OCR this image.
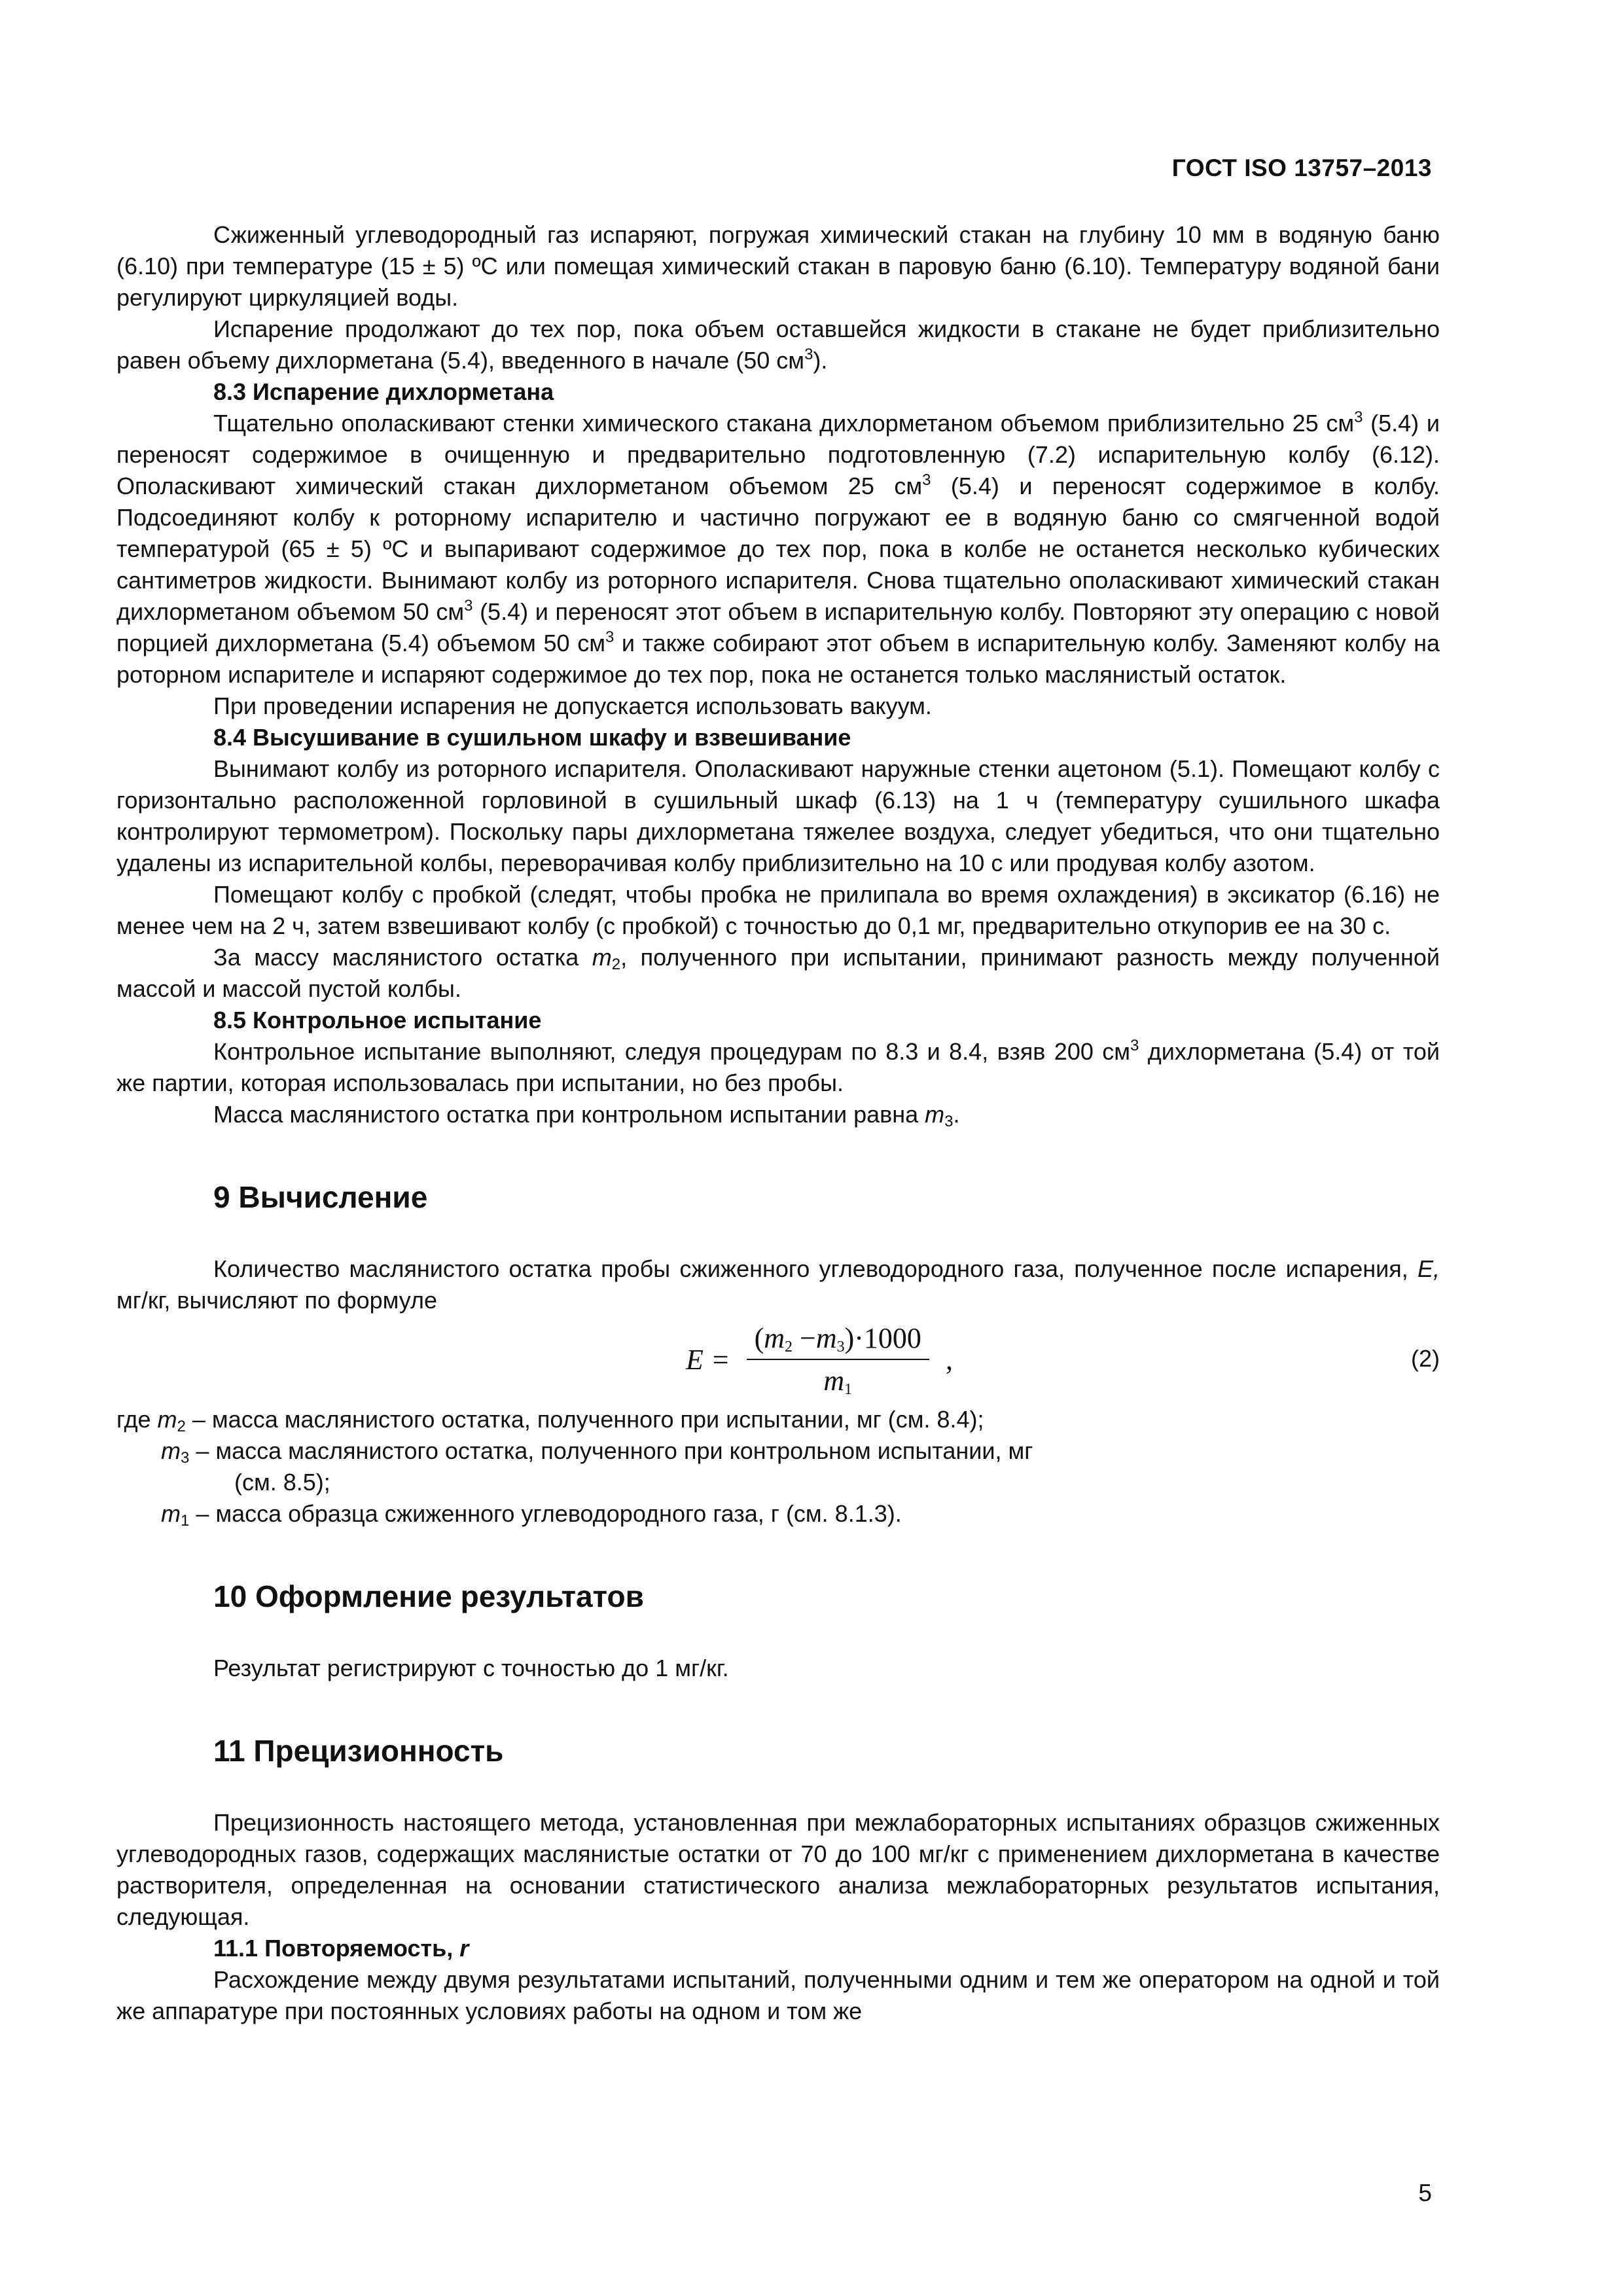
ГОСТ ISO 13757–2013

Сжиженный углеводородный газ испаряют, погружая химический стакан на глубину 10 мм в водяную баню (6.10) при температуре (15 ± 5) ºС или помещая химический стакан в паровую баню (6.10). Температуру водяной бани регулируют циркуляцией воды.

Испарение продолжают до тех пор, пока объем оставшейся жидкости в стакане не будет приблизительно равен объему дихлорметана (5.4), введенного в начале (50 $см^3$).

8.3 Испарение дихлорметана

Тщательно ополаскивают стенки химического стакана дихлорметаном объемом приблизительно 25 $см^3$ (5.4) и переносят содержимое в очищенную и предварительно подготовленную (7.2) испарительную колбу (6.12). Ополаскивают химический стакан дихлорметаном объемом 25 $см^3$ (5.4) и переносят содержимое в колбу. Подсоединяют колбу к роторному испарителю и частично погружают ее в водяную баню со смягченной водой температурой (65 ± 5) ºС и выпаривают содержимое до тех пор, пока в колбе не останется несколько кубических сантиметров жидкости. Вынимают колбу из роторного испарителя. Снова тщательно ополаскивают химический стакан дихлорметаном объемом 50 $см^3$ (5.4) и переносят этот объем в испарительную колбу. Повторяют эту операцию с новой порцией дихлорметана (5.4) объемом 50 $см^3$ и также собирают этот объем в испарительную колбу. Заменяют колбу на роторном испарителе и испаряют содержимое до тех пор, пока не останется только маслянистый остаток.

При проведении испарения не допускается использовать вакуум.

8.4 Высушивание в сушильном шкафу и взвешивание

Вынимают колбу из роторного испарителя. Ополаскивают наружные стенки ацетоном (5.1). Помещают колбу с горизонтально расположенной горловиной в сушильный шкаф (6.13) на 1 ч (температуру сушильного шкафа контролируют термометром). Поскольку пары дихлорметана тяжелее воздуха, следует убедиться, что они тщательно удалены из испарительной колбы, переворачивая колбу приблизительно на 10 с или продувая колбу азотом.

Помещают колбу с пробкой (следят, чтобы пробка не прилипала во время охлаждения) в эксикатор (6.16) не менее чем на 2 ч, затем взвешивают колбу (с пробкой) с точностью до 0,1 мг, предварительно откупорив ее на 30 с.

За массу маслянистого остатка $m_2$, полученного при испытании, принимают разность между полученной массой и массой пустой колбы.

8.5 Контрольное испытание

Контрольное испытание выполняют, следуя процедурам по 8.3 и 8.4, взяв 200 $см^3$ дихлорметана (5.4) от той же партии, которая использовалась при испытании, но без пробы.

Масса маслянистого остатка при контрольном испытании равна $m_3$.

9 Вычисление

Количество маслянистого остатка пробы сжиженного углеводородного газа, полученное после испарения, E, мг/кг, вычисляют по формуле

$E = \frac{(m_2 -m_3)\cdot 1000}{m_1}$ ,	(2)

где $m_2$ – масса маслянистого остатка, полученного при испытании, мг (см. 8.4);

$m_3$ – масса маслянистого остатка, полученного при контрольном испытании, мг

(см. 8.5);

$m_1$ – масса образца сжиженного углеводородного газа, г (см. 8.1.3).

10 Оформление результатов

Результат регистрируют с точностью до 1 мг/кг.

11 Прецизионность

Прецизионность настоящего метода, установленная при межлабораторных испытаниях образцов сжиженных углеводородных газов, содержащих маслянистые остатки от 70 до 100 мг/кг с применением дихлорметана в качестве растворителя, определенная на основании статистического анализа межлабораторных результатов испытания, следующая.

11.1 Повторяемость, r

Расхождение между двумя результатами испытаний, полученными одним и тем же оператором на одной и той же аппаратуре при постоянных условиях работы на одном и том же

5
